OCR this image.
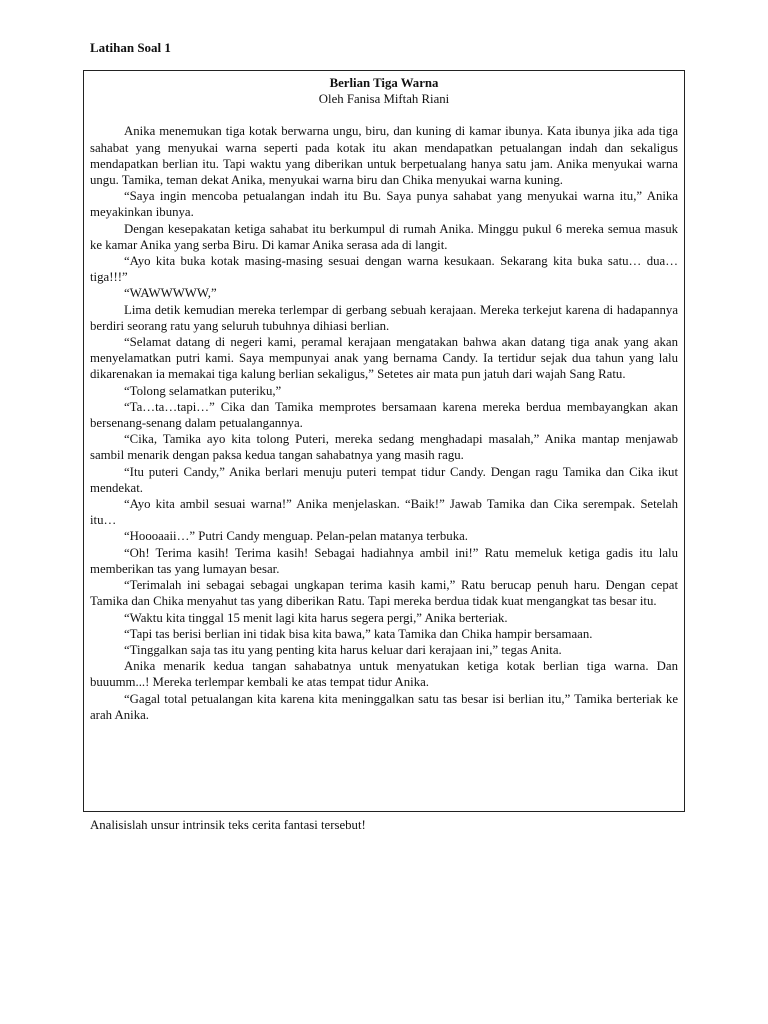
Latihan Soal 1

Berlian Tiga Warna

Oleh Fanisa Miftah Riani

Anika menemukan tiga kotak berwarna ungu, biru, dan kuning di kamar ibunya. Kata ibunya jika ada tiga sahabat yang menyukai warna seperti pada kotak itu akan mendapatkan petualangan indah dan sekaligus mendapatkan berlian itu. Tapi waktu yang diberikan untuk berpetualang hanya satu jam. Anika menyukai warna ungu. Tamika, teman dekat Anika, menyukai warna biru dan Chika menyukai warna kuning.

“Saya ingin mencoba petualangan indah itu Bu. Saya punya sahabat yang menyukai warna itu,” Anika meyakinkan ibunya.

Dengan kesepakatan ketiga sahabat itu berkumpul di rumah Anika. Minggu pukul 6 mereka semua masuk ke kamar Anika yang serba Biru. Di kamar Anika serasa ada di langit.

“Ayo kita buka kotak masing-masing sesuai dengan warna kesukaan. Sekarang kita buka satu… dua… tiga!!!”

“WAWWWWW,”

Lima detik kemudian mereka terlempar di gerbang sebuah kerajaan. Mereka terkejut karena di hadapannya berdiri seorang ratu yang seluruh tubuhnya dihiasi berlian.

“Selamat datang di negeri kami, peramal kerajaan mengatakan bahwa akan datang tiga anak yang akan menyelamatkan putri kami. Saya mempunyai anak yang bernama Candy. Ia tertidur sejak dua tahun yang lalu dikarenakan ia memakai tiga kalung berlian sekaligus,” Setetes air mata pun jatuh dari wajah Sang Ratu.

“Tolong selamatkan puteriku,”

“Ta…ta…tapi…” Cika dan Tamika memprotes bersamaan karena mereka berdua membayangkan akan bersenang-senang dalam petualangannya.

“Cika, Tamika ayo kita tolong Puteri, mereka sedang menghadapi masalah,” Anika mantap menjawab sambil menarik dengan paksa kedua tangan sahabatnya yang masih ragu.

“Itu puteri Candy,” Anika berlari menuju puteri tempat tidur Candy. Dengan ragu Tamika dan Cika ikut mendekat.

“Ayo kita ambil sesuai warna!” Anika menjelaskan. “Baik!” Jawab Tamika dan Cika serempak. Setelah itu…

“Hoooaaii…” Putri Candy menguap. Pelan-pelan matanya terbuka.

“Oh! Terima kasih! Terima kasih! Sebagai hadiahnya ambil ini!” Ratu memeluk ketiga gadis itu lalu memberikan tas yang lumayan besar.

“Terimalah ini sebagai sebagai ungkapan terima kasih kami,” Ratu berucap penuh haru. Dengan cepat Tamika dan Chika menyahut tas yang diberikan Ratu. Tapi mereka berdua tidak kuat mengangkat tas besar itu.

“Waktu kita tinggal 15 menit lagi kita harus segera pergi,” Anika berteriak.

“Tapi tas berisi berlian ini tidak bisa kita bawa,” kata Tamika dan Chika hampir bersamaan.

“Tinggalkan saja tas itu yang penting kita harus keluar dari kerajaan ini,” tegas Anita.

Anika menarik kedua tangan sahabatnya untuk menyatukan ketiga kotak berlian tiga warna. Dan buuumm...! Mereka terlempar kembali ke atas tempat tidur Anika.

“Gagal total petualangan kita karena kita meninggalkan satu tas besar isi berlian itu,” Tamika berteriak ke arah Anika.

Analisislah unsur intrinsik teks cerita fantasi tersebut!
